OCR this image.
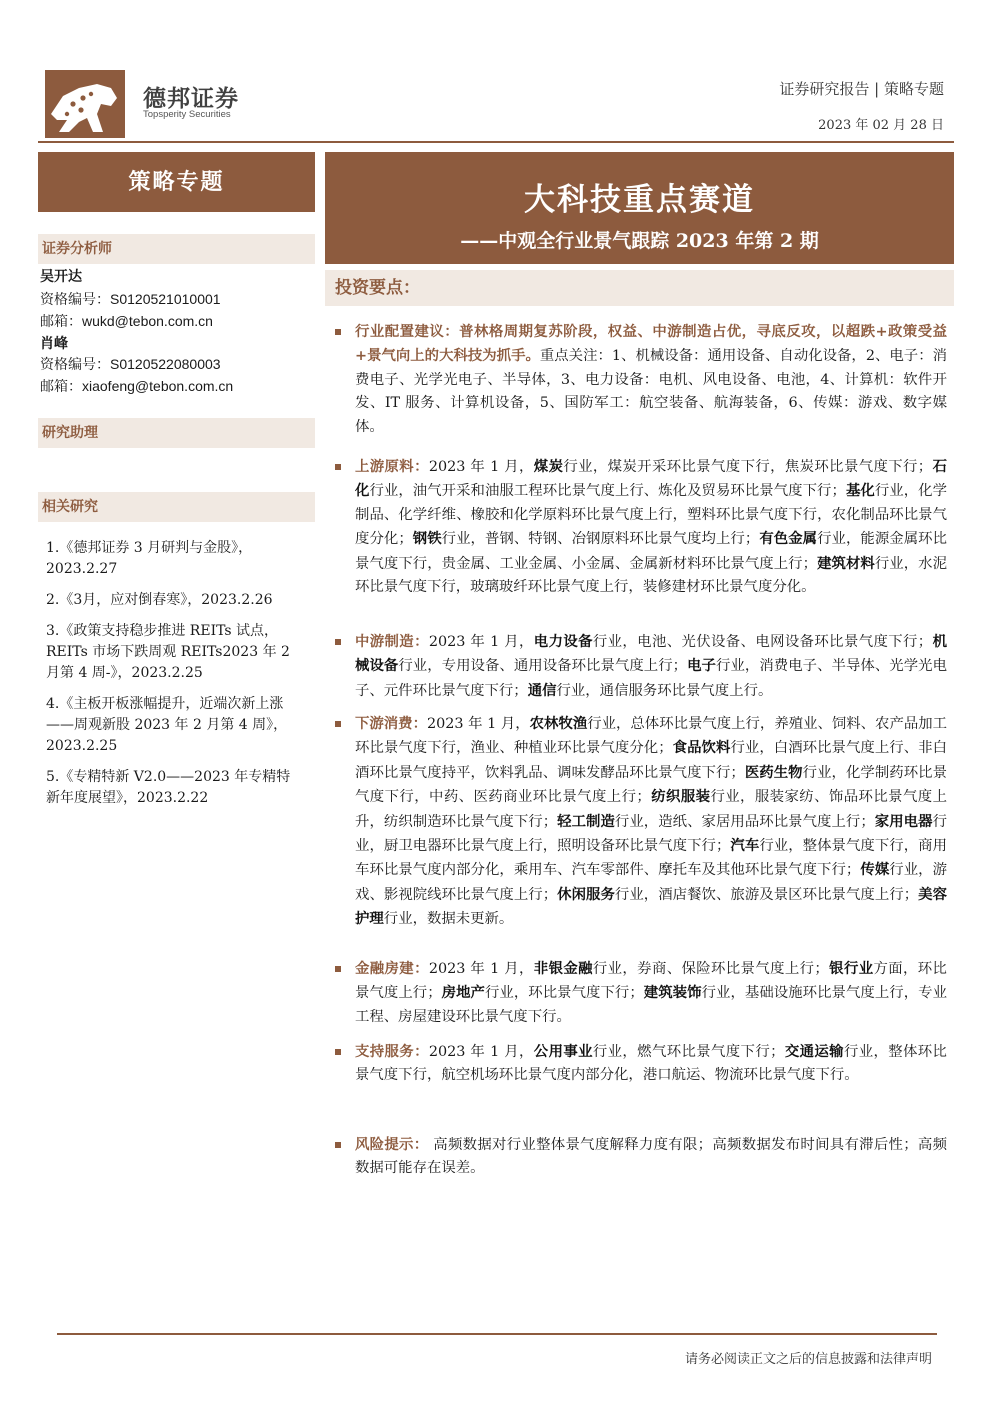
德邦证券
Topsperity Securities
证券研究报告 | 策略专题
2023 年 02 月 28 日
策略专题
证券分析师
吴开达
资格编号：S0120521010001
邮箱：wukd@tebon.com.cn
肖峰
资格编号：S0120522080003
邮箱：xiaofeng@tebon.com.cn
研究助理
相关研究
1.《德邦证券 3 月研判与金股》，2023.2.27
2.《3月，应对倒春寒》，2023.2.26
3.《政策支持稳步推进 REITs 试点，REITs 市场下跌周观 REITs2023 年 2 月第 4 周-》，2023.2.25
4.《主板开板涨幅提升，近端次新上涨——周观新股 2023 年 2 月第 4 周》，2023.2.25
5.《专精特新 V2.0——2023 年专精特新年度展望》，2023.2.22
大科技重点赛道
——中观全行业景气跟踪 2023 年第 2 期
投资要点：
行业配置建议：普林格周期复苏阶段，权益、中游制造占优，寻底反攻，以超跌+政策受益+景气向上的大科技为抓手。重点关注：1、机械设备：通用设备、自动化设备，2、电子：消费电子、光学光电子、半导体，3、电力设备：电机、风电设备、电池，4、计算机：软件开发、IT 服务、计算机设备，5、国防军工：航空装备、航海装备，6、传媒：游戏、数字媒体。
上游原料：2023 年 1 月，煤炭行业，煤炭开采环比景气度下行，焦炭环比景气度下行；石化行业，油气开采和油服工程环比景气度上行、炼化及贸易环比景气度下行；基化行业，化学制品、化学纤维、橡胶和化学原料环比景气度上行，塑料环比景气度下行，农化制品环比景气度分化；钢铁行业，普钢、特钢、冶钢原料环比景气度均上行；有色金属行业，能源金属环比景气度下行，贵金属、工业金属、小金属、金属新材料环比景气度上行；建筑材料行业，水泥环比景气度下行，玻璃玻纤环比景气度上行，装修建材环比景气度分化。
中游制造：2023 年 1 月，电力设备行业，电池、光伏设备、电网设备环比景气度下行；机械设备行业，专用设备、通用设备环比景气度上行；电子行业，消费电子、半导体、光学光电子、元件环比景气度下行；通信行业，通信服务环比景气度上行。
下游消费：2023 年 1 月，农林牧渔行业，总体环比景气度上行，养殖业、饲料、农产品加工环比景气度下行，渔业、种植业环比景气度分化；食品饮料行业，白酒环比景气度上行、非白酒环比景气度持平，饮料乳品、调味发酵品环比景气度下行；医药生物行业，化学制药环比景气度下行，中药、医药商业环比景气度上行；纺织服装行业，服装家纺、饰品环比景气度上升，纺织制造环比景气度下行；轻工制造行业，造纸、家居用品环比景气度上行；家用电器行业，厨卫电器环比景气度上行，照明设备环比景气度下行；汽车行业，整体景气度下行，商用车环比景气度内部分化，乘用车、汽车零部件、摩托车及其他环比景气度下行；传媒行业，游戏、影视院线环比景气度上行；休闲服务行业，酒店餐饮、旅游及景区环比景气度上行；美容护理行业，数据未更新。
金融房建：2023 年 1 月，非银金融行业，券商、保险环比景气度上行；银行业方面，环比景气度上行；房地产行业，环比景气度下行；建筑装饰行业，基础设施环比景气度上行，专业工程、房屋建设环比景气度下行。
支持服务：2023 年 1 月，公用事业行业，燃气环比景气度下行；交通运输行业，整体环比景气度下行，航空机场环比景气度内部分化，港口航运、物流环比景气度下行。
风险提示： 高频数据对行业整体景气度解释力度有限；高频数据发布时间具有滞后性；高频数据可能存在误差。
请务必阅读正文之后的信息披露和法律声明
